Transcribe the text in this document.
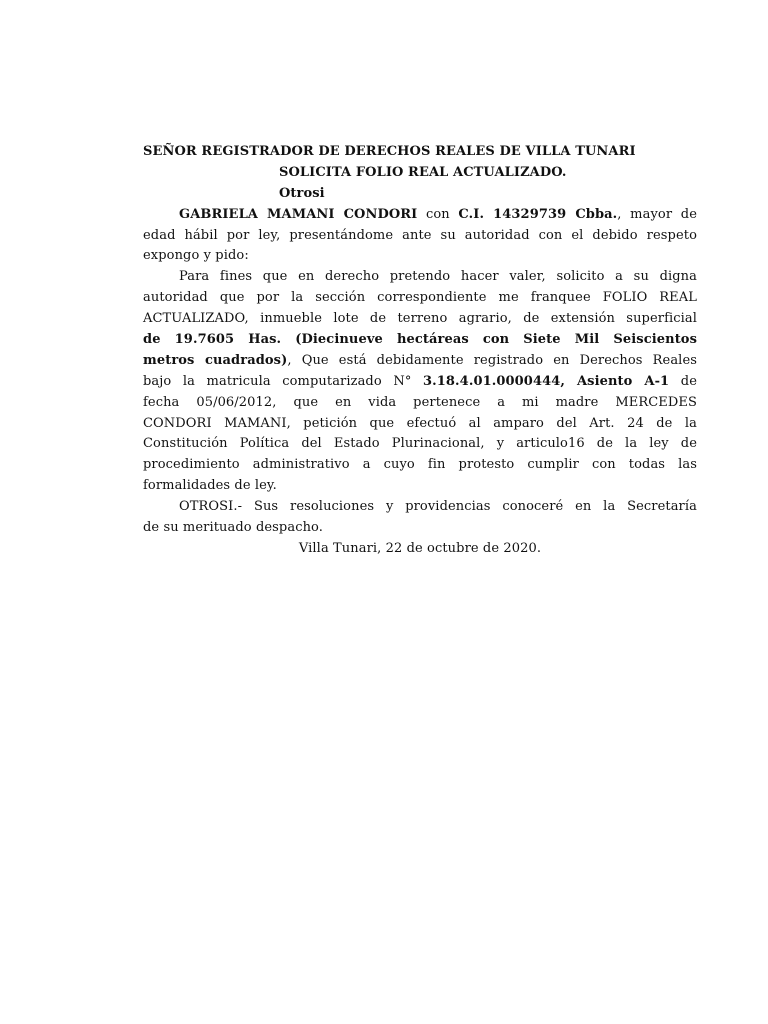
SEÑOR REGISTRADOR DE DERECHOS REALES DE VILLA TUNARI
SOLICITA FOLIO REAL ACTUALIZADO.
Otrosi
GABRIELA MAMANI CONDORI con C.I. 14329739 Cbba., mayor de
edad hábil por ley, presentándome ante su autoridad con el debido respeto
expongo y pido:
Para fines que en derecho pretendo hacer valer, solicito a su digna
autoridad que por la sección correspondiente me franquee FOLIO REAL
ACTUALIZADO, inmueble lote de terreno agrario, de extensión superficial
de 19.7605 Has. (Diecinueve hectáreas con Siete Mil Seiscientos
metros cuadrados), Que está debidamente registrado en Derechos Reales
bajo la matricula computarizado N° 3.18.4.01.0000444, Asiento A-1 de
fecha 05/06/2012, que en vida pertenece a mi madre MERCEDES
CONDORI MAMANI, petición que efectuó al amparo del Art. 24 de la
Constitución Política del Estado Plurinacional, y articulo16 de la ley de
procedimiento administrativo a cuyo fin protesto cumplir con todas las
formalidades de ley.
OTROSI.- Sus resoluciones y providencias conoceré en la Secretaría
de su merituado despacho.
Villa Tunari, 22 de octubre de 2020.
